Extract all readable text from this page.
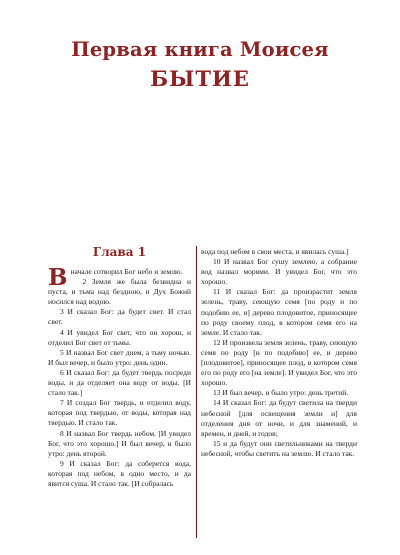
Первая книга Моисея
БЫТИЕ
Глава 1

Вначале сотворил Бог небо и землю.

2 Земля же была безвидна и пуста, и тьма над бездною, и Дух Божий носился над водою.

3 И сказал Бог: да будет свет. И стал свет.

4 И увидел Бог свет, что он хорош, и отделил Бог свет от тьмы.

5 И назвал Бог свет днем, а тьму ночью. И был вечер, и было утро: день один.

6 И сказал Бог: да будет твердь посреди воды, и да отделяет она воду от воды. [И стало так.]

7 И создал Бог твердь, и отделил воду, которая под твердью, от воды, которая над твердью. И стало так.

8 И назвал Бог твердь небом. [И увидел Бог, что это хорошо.] И был вечер, и было утро: день второй.

9 И сказал Бог: да соберется вода, которая под небом, в одно место, и да явится суша. И стало так. [И собралась

вода под небом в свои места, и явилась суша.]

10 И назвал Бог сушу землею, а собрание вод назвал морями. И увидел Бог, что это хорошо.

11 И сказал Бог: да произрастит земля зелень, траву, сеющую семя [по роду и по подобию ее, и] дерево плодовитое, приносящее по роду своему плод, в котором семя его на земле. И стало так.

12 И произвела земля зелень, траву, сеющую семя по роду [и по подобию] ее, и дерево [плодовитое], приносящее плод, в котором семя его по роду его [на земле]. И увидел Бог, что это хорошо.

13 И был вечер, и было утро: день третий.

14 И сказал Бог: да будут светила на тверди небесной [для освещения земли и] для отделения дня от ночи, и для знамений, и времен, и дней, и годов;

15 и да будут они светильниками на тверди небесной, чтобы светить на землю. И стало так.
